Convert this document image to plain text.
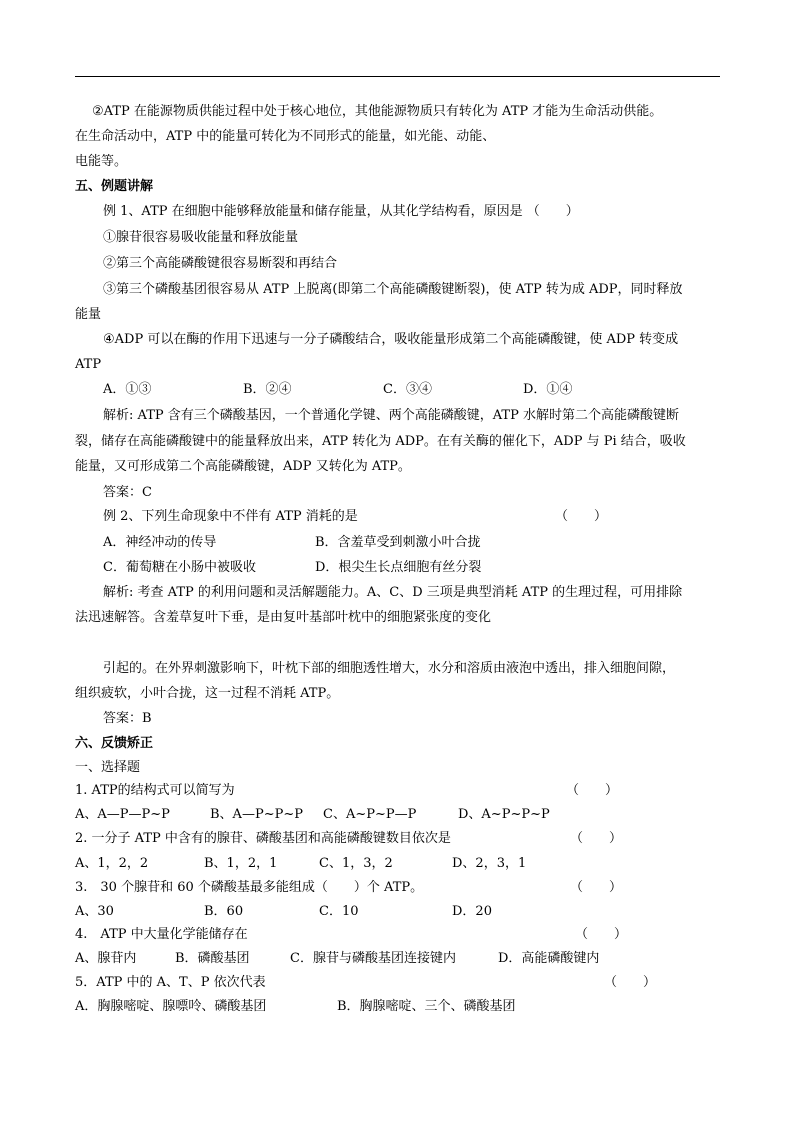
②ATP 在能源物质供能过程中处于核心地位，其他能源物质只有转化为 ATP 才能为生命活动供能。
在生命活动中，ATP 中的能量可转化为不同形式的能量，如光能、动能、
电能等。
五、例题讲解
例 1、ATP 在细胞中能够释放能量和储存能量，从其化学结构看，原因是 （　　）
①腺苷很容易吸收能量和释放能量
②第三个高能磷酸键很容易断裂和再结合
③第三个磷酸基团很容易从 ATP 上脱离(即第二个高能磷酸键断裂)，使 ATP 转为成 ADP，同时释放
能量
④ADP 可以在酶的作用下迅速与一分子磷酸结合，吸收能量形成第二个高能磷酸键，使 ADP 转变成
ATP
A．①③	B．②④	C．③④	D．①④
解析: ATP 含有三个磷酸基因，一个普通化学键、两个高能磷酸键，ATP 水解时第二个高能磷酸键断
裂，储存在高能磷酸键中的能量释放出来，ATP 转化为 ADP。在有关酶的催化下，ADP 与 Pi 结合，吸收
能量，又可形成第二个高能磷酸键，ADP 又转化为 ATP。
答案：C
例 2、下列生命现象中不伴有 ATP 消耗的是	（　　）
A．神经冲动的传导	B．含羞草受到刺激小叶合拢
C．葡萄糖在小肠中被吸收	D．根尖生长点细胞有丝分裂
解析: 考查 ATP 的利用问题和灵活解题能力。A、C、D 三项是典型消耗 ATP 的生理过程，可用排除
法迅速解答。含羞草复叶下垂，是由复叶基部叶枕中的细胞紧张度的变化
引起的。在外界刺激影响下，叶枕下部的细胞透性增大，水分和溶质由液泡中透出，排入细胞间隙，
组织疲软，小叶合拢，这一过程不消耗 ATP。
答案：B
六、反馈矫正
一、选择题
1. ATP的结构式可以简写为	（　　）
A、A—P—P~P	B、A—P~P~P C、A~P~P—P	D、A~P~P~P
2. 一分子 ATP 中含有的腺苷、磷酸基团和高能磷酸键数目依次是	（　　）
A、1，2，2	B、1，2，1	C、1，3，2	D、2，3，1
3.　30 个腺苷和 60 个磷酸基最多能组成（　　）个 ATP。	（　　）
A、30	B．60	C．10	D．20
4.　ATP 中大量化学能储存在	（　　）
A、腺苷内	B．磷酸基团	C．腺苷与磷酸基团连接键内	D．高能磷酸键内
5．ATP 中的 A、T、P 依次代表	（　　）
A．胸腺嘧啶、腺嘌呤、磷酸基团	B．胸腺嘧啶、三个、磷酸基团
